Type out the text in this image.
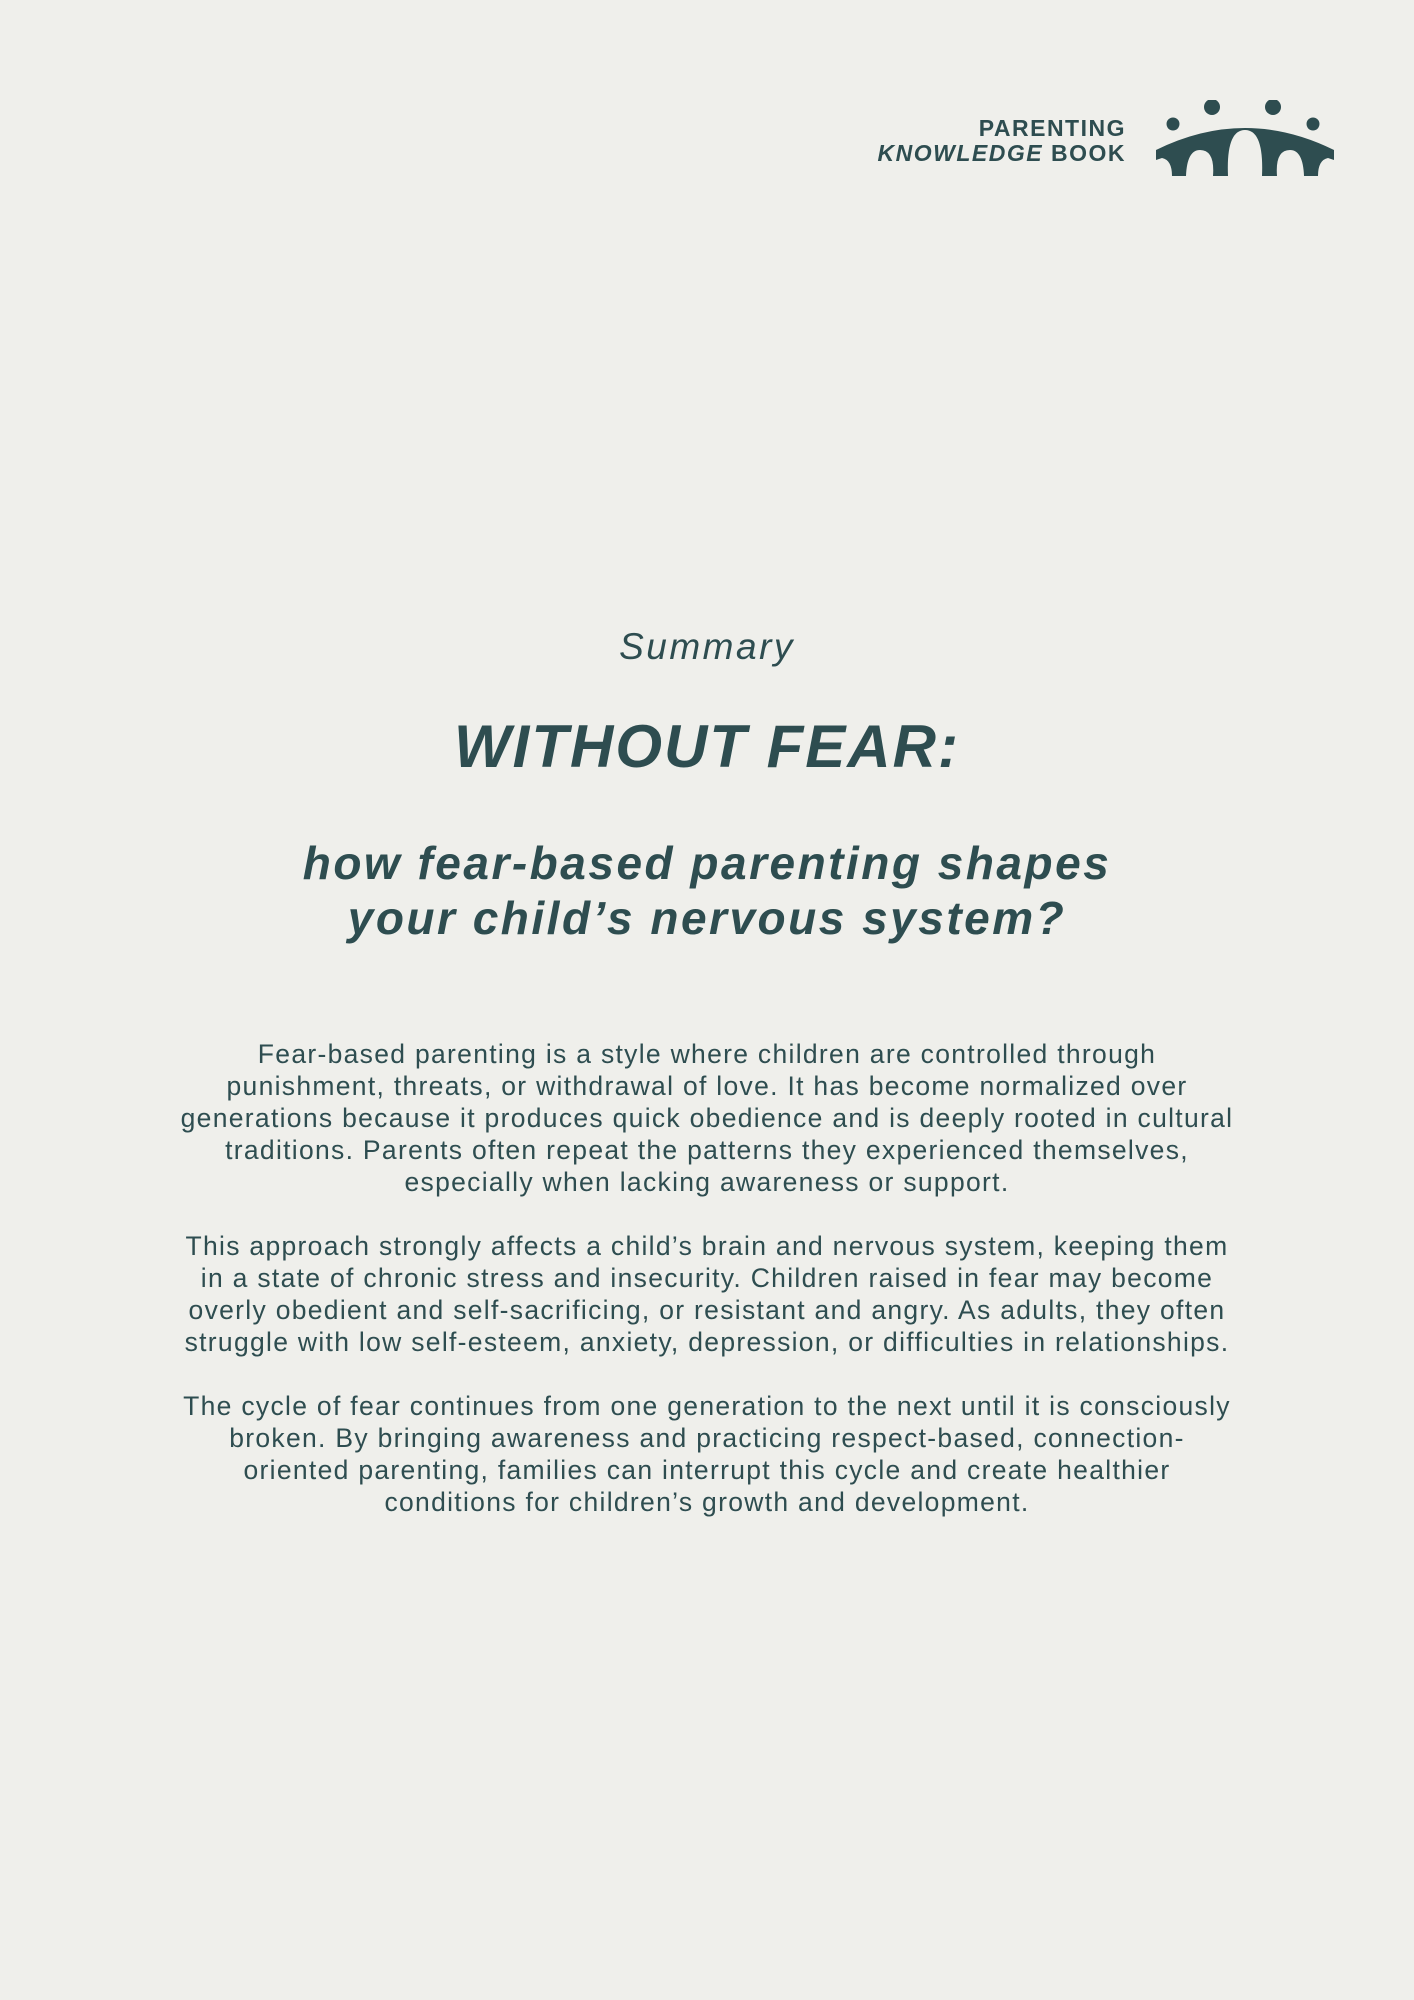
PARENTING
KNOWLEDGE BOOK
Summary
WITHOUT FEAR:
how fear-based parenting shapes
your child’s nervous system?

Fear-based parenting is a style where children are controlled through punishment, threats, or withdrawal of love. It has become normalized over generations because it produces quick obedience and is deeply rooted in cultural traditions. Parents often repeat the patterns they experienced themselves, especially when lacking awareness or support.

This approach strongly affects a child’s brain and nervous system, keeping them in a state of chronic stress and insecurity. Children raised in fear may become overly obedient and self-sacrificing, or resistant and angry. As adults, they often struggle with low self-esteem, anxiety, depression, or difficulties in relationships.

The cycle of fear continues from one generation to the next until it is consciously broken. By bringing awareness and practicing respect-based, connection-oriented parenting, families can interrupt this cycle and create healthier conditions for children’s growth and development.
